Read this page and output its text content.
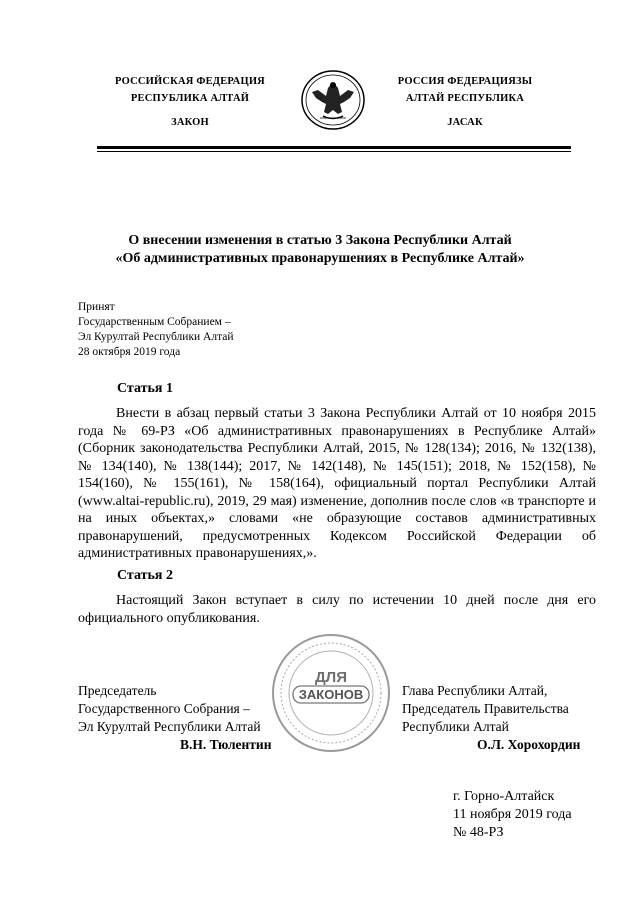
РОССИЙСКАЯ ФЕДЕРАЦИЯ
РЕСПУБЛИКА АЛТАЙ
ЗАКОН
РОССИЯ ФЕДЕРАЦИЯЗЫ
АЛТАЙ РЕСПУБЛИКА
JАСАК
О внесении изменения в статью 3 Закона Республики Алтай
«Об административных правонарушениях в Республике Алтай»
Принят
Государственным Собранием –
Эл Курултай Республики Алтай
28 октября 2019 года
Статья 1
Внести в абзац первый статьи 3 Закона Республики Алтай от 10 ноября 2015 года № 69-РЗ «Об административных правонарушениях в Республике Алтай» (Сборник законодательства Республики Алтай, 2015, № 128(134); 2016, № 132(138), № 134(140), № 138(144); 2017, № 142(148), № 145(151); 2018, № 152(158), № 154(160), № 155(161), № 158(164), официальный портал Республики Алтай (www.altai-republic.ru), 2019, 29 мая) изменение, дополнив после слов «в транспорте и на иных объектах,» словами «не образующие составов административных правонарушений, предусмотренных Кодексом Российской Федерации об административных правонарушениях,».
Статья 2
Настоящий Закон вступает в силу по истечении 10 дней после дня его официального опубликования.
ДЛЯ
ЗАКОНОВ
Председатель
Государственного Собрания –
Эл Курултай Республики Алтай
В.Н. Тюлентин
Глава Республики Алтай,
Председатель Правительства
Республики Алтай
О.Л. Хорохордин
г. Горно-Алтайск
11 ноября 2019 года
№ 48-РЗ
